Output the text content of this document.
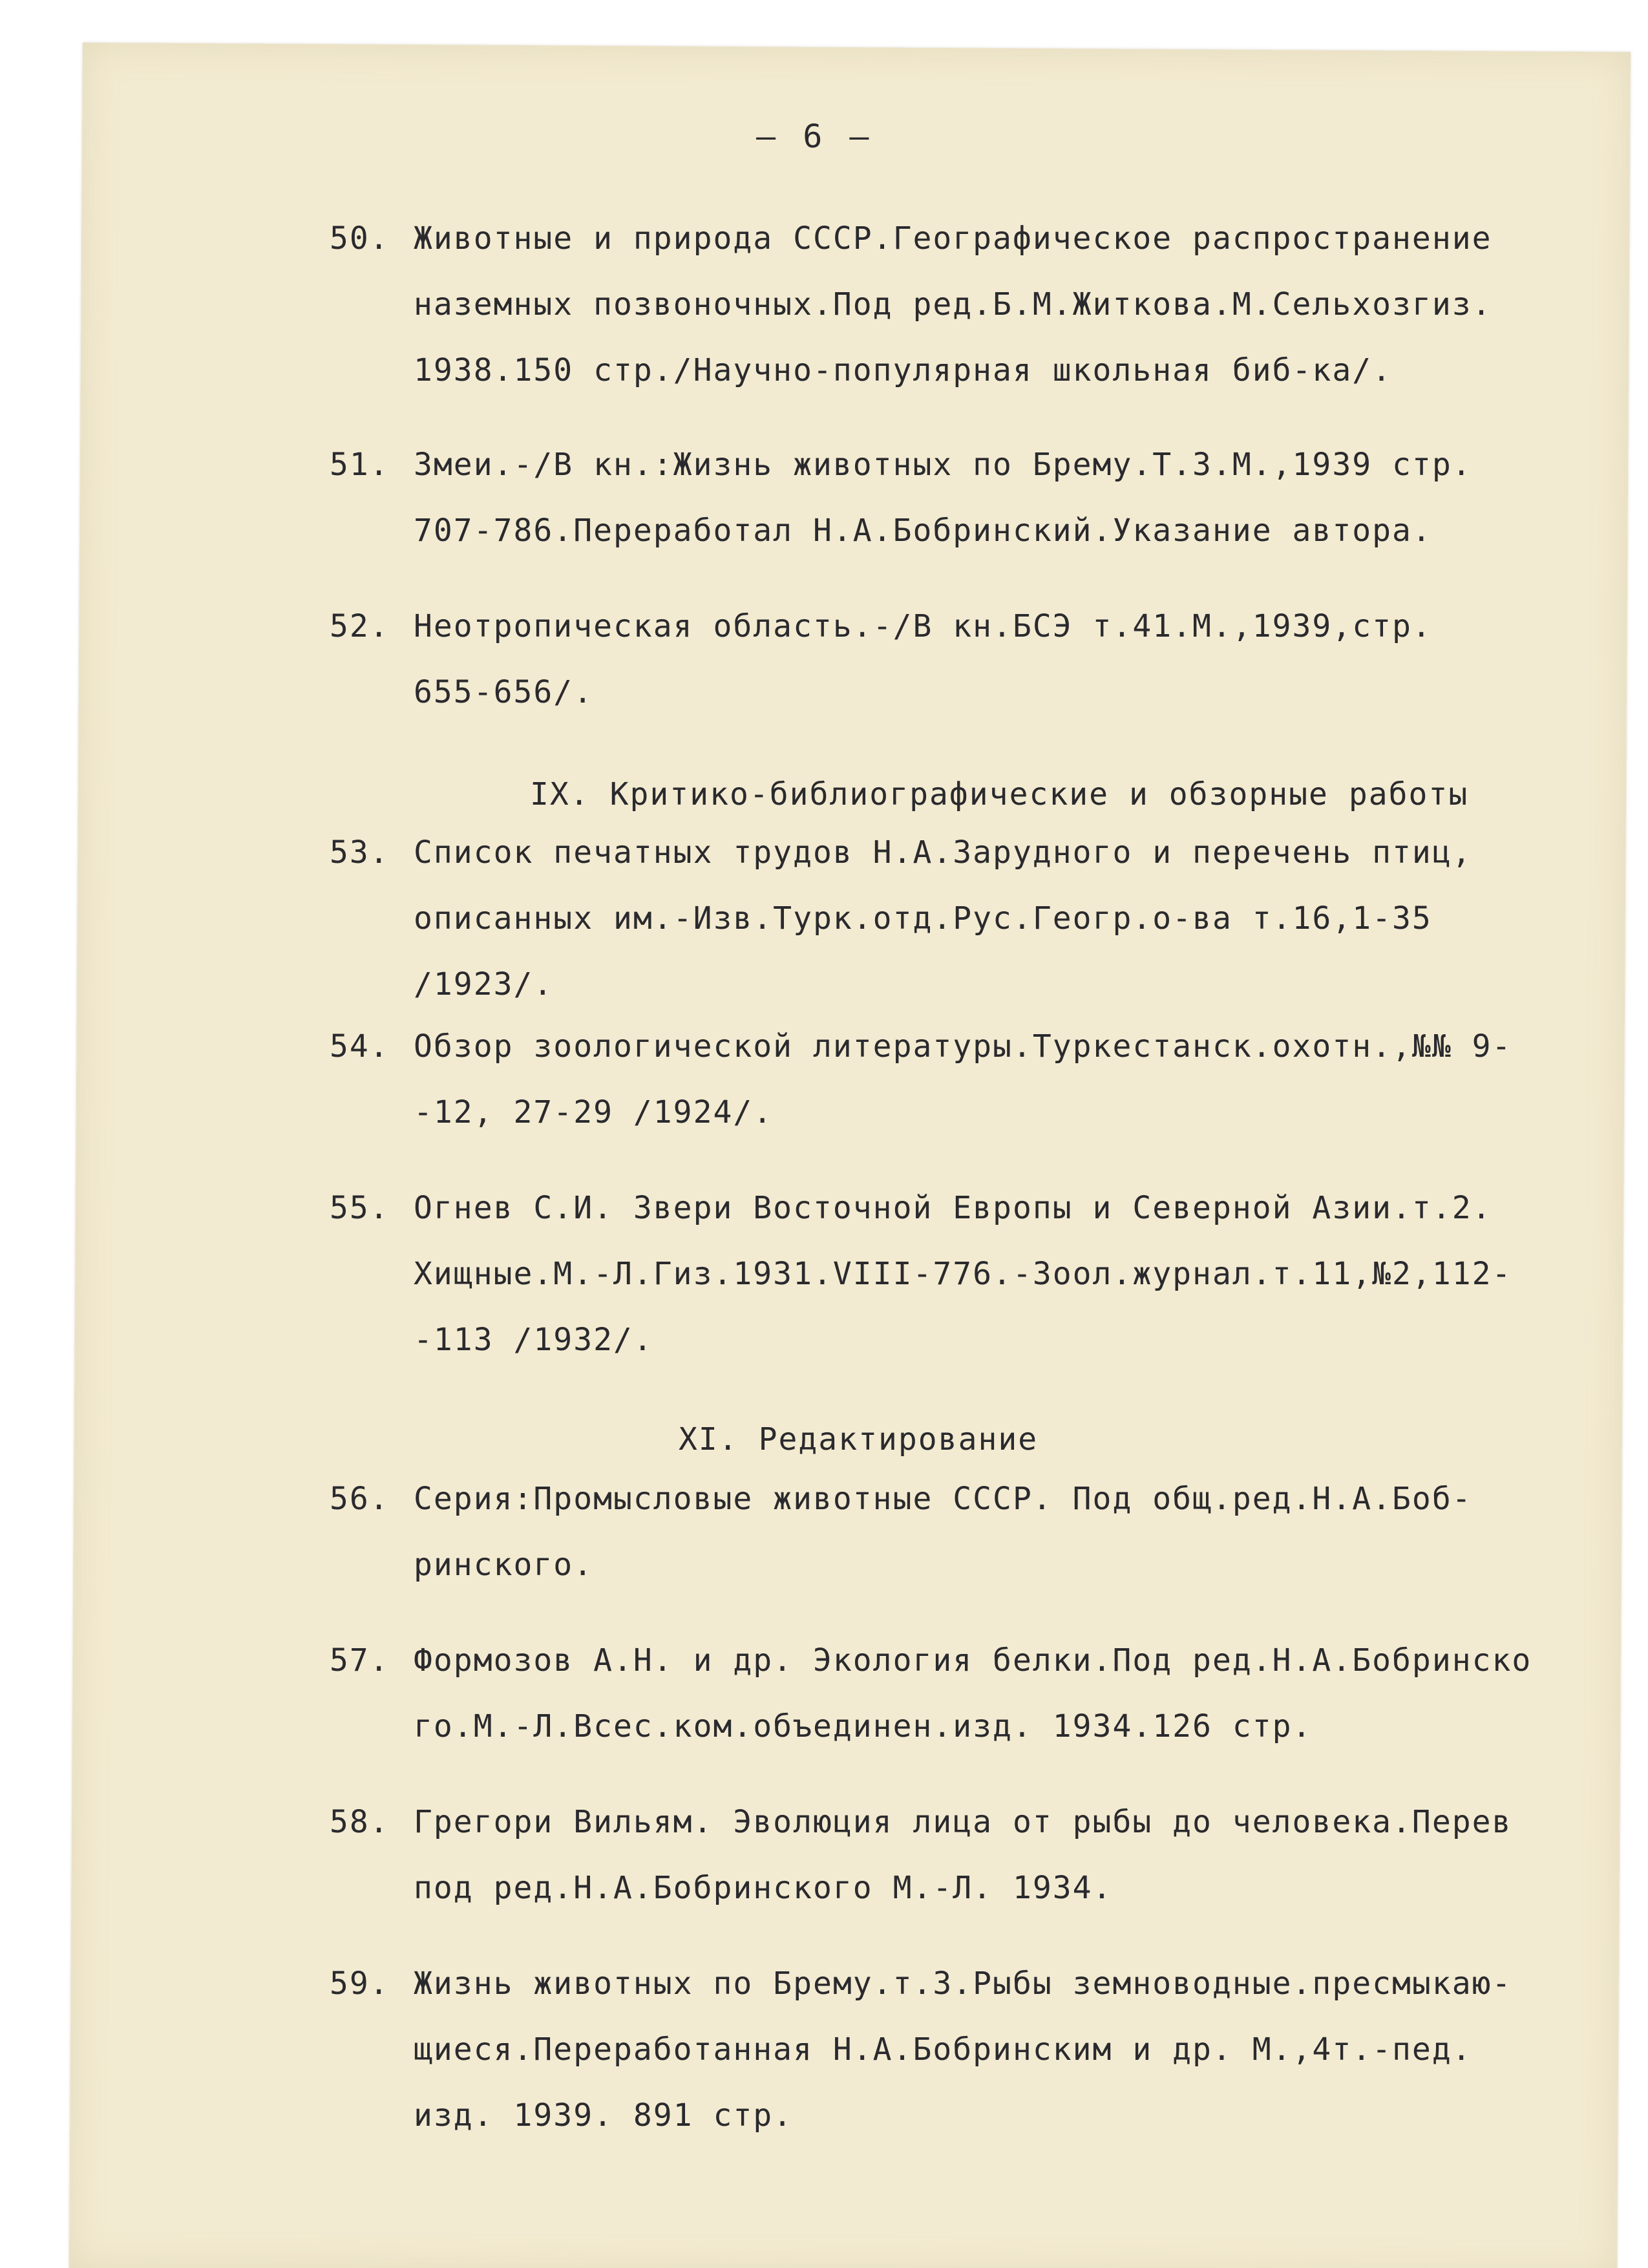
— 6 —
50. Животные и природа СССР.Географическое распространение
наземных позвоночных.Под ред.Б.М.Житкова.М.Сельхозгиз.
1938.150 стр./Научно-популярная школьная биб-ка/.
51. Змеи.-/В кн.:Жизнь животных по Брему.Т.3.М.,1939 стр.
707-786.Переработал Н.А.Бобринский.Указание автора.
52. Неотропическая область.-/В кн.БСЭ т.41.М.,1939,стр.
655-656/.
IX. Критико-библиографические и обзорные работы
53. Список печатных трудов Н.А.Зарудного и перечень птиц,
описанных им.-Изв.Турк.отд.Рус.Геогр.о-ва т.16,1-35
/1923/.
54. Обзор зоологической литературы.Туркестанск.охотн.,№№ 9-
-12, 27-29 /1924/.
55. Огнев С.И. Звери Восточной Европы и Северной Азии.т.2.
Хищные.М.-Л.Гиз.1931.VIII-776.-Зоол.журнал.т.11,№2,112-
-113 /1932/.
XI. Редактирование
56. Серия:Промысловые животные СССР. Под общ.ред.Н.А.Боб-
ринского.
57. Формозов А.Н. и др. Экология белки.Под ред.Н.А.Бобринско
го.М.-Л.Всес.ком.объединен.изд. 1934.126 стр.
58. Грегори Вильям. Эволюция лица от рыбы до человека.Перев
под ред.Н.А.Бобринского М.-Л. 1934.
59. Жизнь животных по Брему.т.3.Рыбы земноводные.пресмыкаю-
щиеся.Переработанная Н.А.Бобринским и др. М.,4т.-пед.
изд. 1939. 891 стр.
